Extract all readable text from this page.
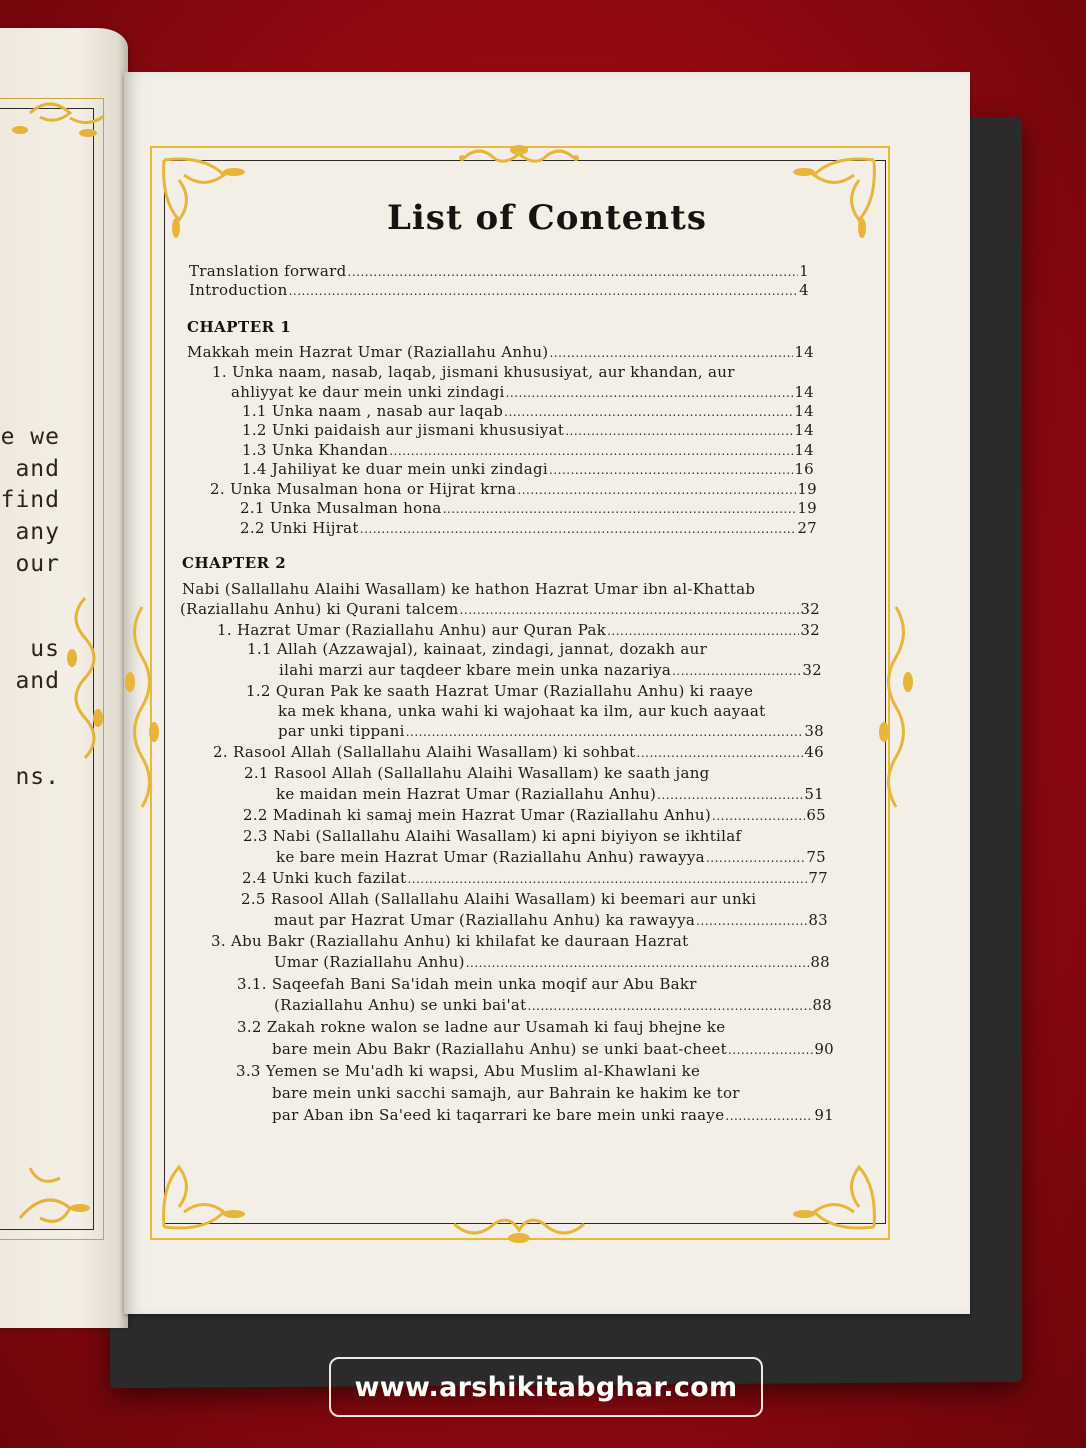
e we
and
find
any
our
us
and
ns.
List of Contents
Translation forward .....	1
Introduction .....	4
CHAPTER 1
Makkah mein Hazrat Umar (Raziallahu Anhu) .....	14
1. Unka naam, nasab, laqab, jismani khususiyat, aur khandan, aur
ahliyyat ke daur mein unki zindagi .....	14
1.1 Unka naam , nasab aur laqab .....	14
1.2 Unki paidaish aur jismani khususiyat .....	14
1.3 Unka Khandan .....	14
1.4 Jahiliyat ke duar mein unki zindagi .....	16
2. Unka Musalman hona or Hijrat krna .....	19
2.1 Unka Musalman hona .....	19
2.2 Unki Hijrat .....	27
CHAPTER 2
Nabi (Sallallahu Alaihi Wasallam) ke hathon Hazrat Umar ibn al-Khattab
(Raziallahu Anhu) ki Qurani talcem .....	32
1. Hazrat Umar (Raziallahu Anhu) aur Quran Pak .....	32
1.1 Allah (Azzawajal), kainaat, zindagi, jannat, dozakh aur
ilahi marzi aur taqdeer kbare mein unka nazariya .....	32
1.2 Quran Pak ke saath Hazrat Umar (Raziallahu Anhu) ki raaye
ka mek khana, unka wahi ki wajohaat ka ilm, aur kuch aayaat
par unki tippani .....	38
2. Rasool Allah (Sallallahu Alaihi Wasallam) ki sohbat .....	46
2.1 Rasool Allah (Sallallahu Alaihi Wasallam) ke saath jang
ke maidan mein Hazrat Umar (Raziallahu Anhu) .....	51
2.2 Madinah ki samaj mein Hazrat Umar (Raziallahu Anhu) .....	65
2.3 Nabi (Sallallahu Alaihi Wasallam) ki apni biyiyon se ikhtilaf
ke bare mein Hazrat Umar (Raziallahu Anhu) rawayya .....	75
2.4 Unki kuch fazilat .....	77
2.5 Rasool Allah (Sallallahu Alaihi Wasallam) ki beemari aur unki
maut par Hazrat Umar (Raziallahu Anhu) ka rawayya .....	83
3. Abu Bakr (Raziallahu Anhu) ki khilafat ke dauraan Hazrat
Umar (Raziallahu Anhu) .....	88
3.1. Saqeefah Bani Sa'idah mein unka moqif aur Abu Bakr
(Raziallahu Anhu) se unki bai'at .....	88
3.2 Zakah rokne walon se ladne aur Usamah ki fauj bhejne ke
bare mein Abu Bakr (Raziallahu Anhu) se unki baat-cheet .....	90
3.3 Yemen se Mu'adh ki wapsi, Abu Muslim al-Khawlani ke
bare mein unki sacchi samajh, aur Bahrain ke hakim ke tor
par Aban ibn Sa'eed ki taqarrari ke bare mein unki raaye .....	91
www.arshikitabghar.com
